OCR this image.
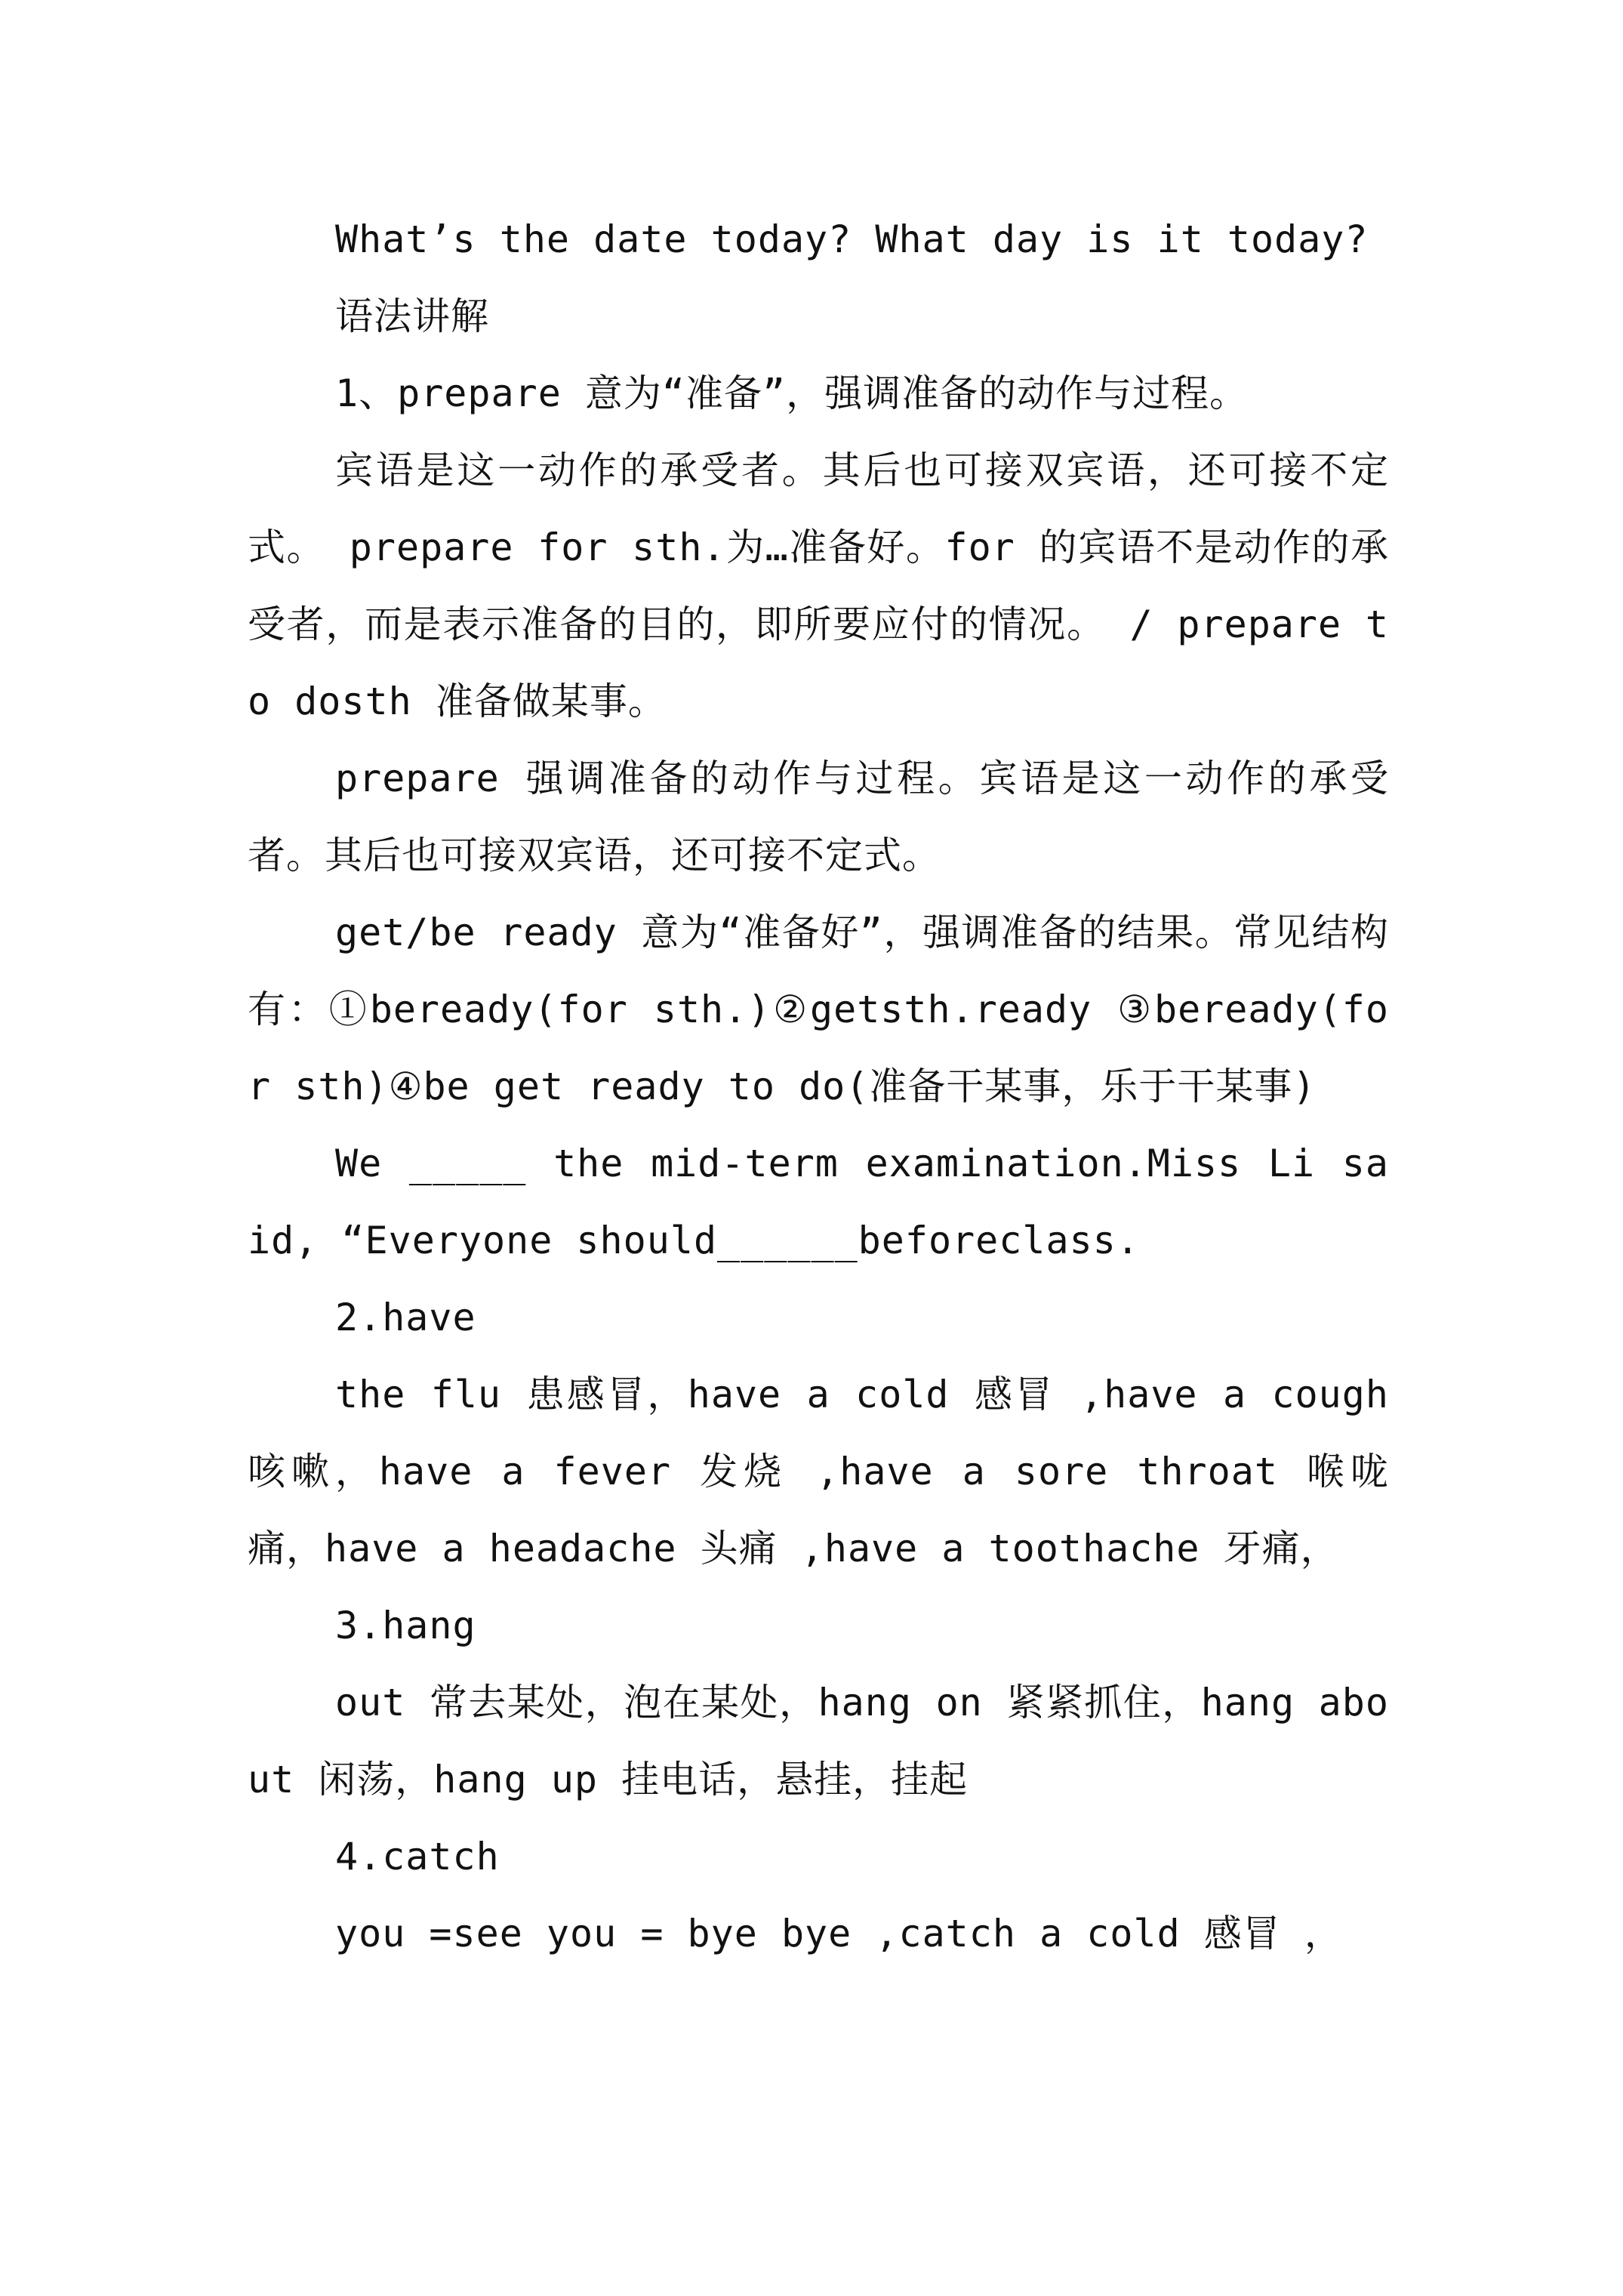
What’s the date today? What day is it today?

语法讲解

1、prepare 意为“准备”，强调准备的动作与过程。

宾语是这一动作的承受者。其后也可接双宾语，还可接不定式。 prepare for sth.为…准备好。for 的宾语不是动作的承受者，而是表示准备的目的，即所要应付的情况。 / prepare to dosth 准备做某事。

prepare 强调准备的动作与过程。宾语是这一动作的承受者。其后也可接双宾语，还可接不定式。

get/be ready 意为“准备好”，强调准备的结果。常见结构有：①beready(for sth.)②getsth.ready ③beready(for sth)④be get ready to do(准备干某事，乐于干某事)

We _____ the mid-term examination.Miss Li said, “Everyone should______beforeclass.

2.have

the flu 患感冒，have a cold 感冒 ,have a cough 咳嗽，have a fever 发烧 ,have a sore throat 喉咙痛，have a headache 头痛 ,have a toothache 牙痛，

3.hang

out 常去某处，泡在某处，hang on 紧紧抓住，hang about 闲荡，hang up 挂电话，悬挂，挂起

4.catch

you =see you = bye bye ,catch a cold 感冒 ，
